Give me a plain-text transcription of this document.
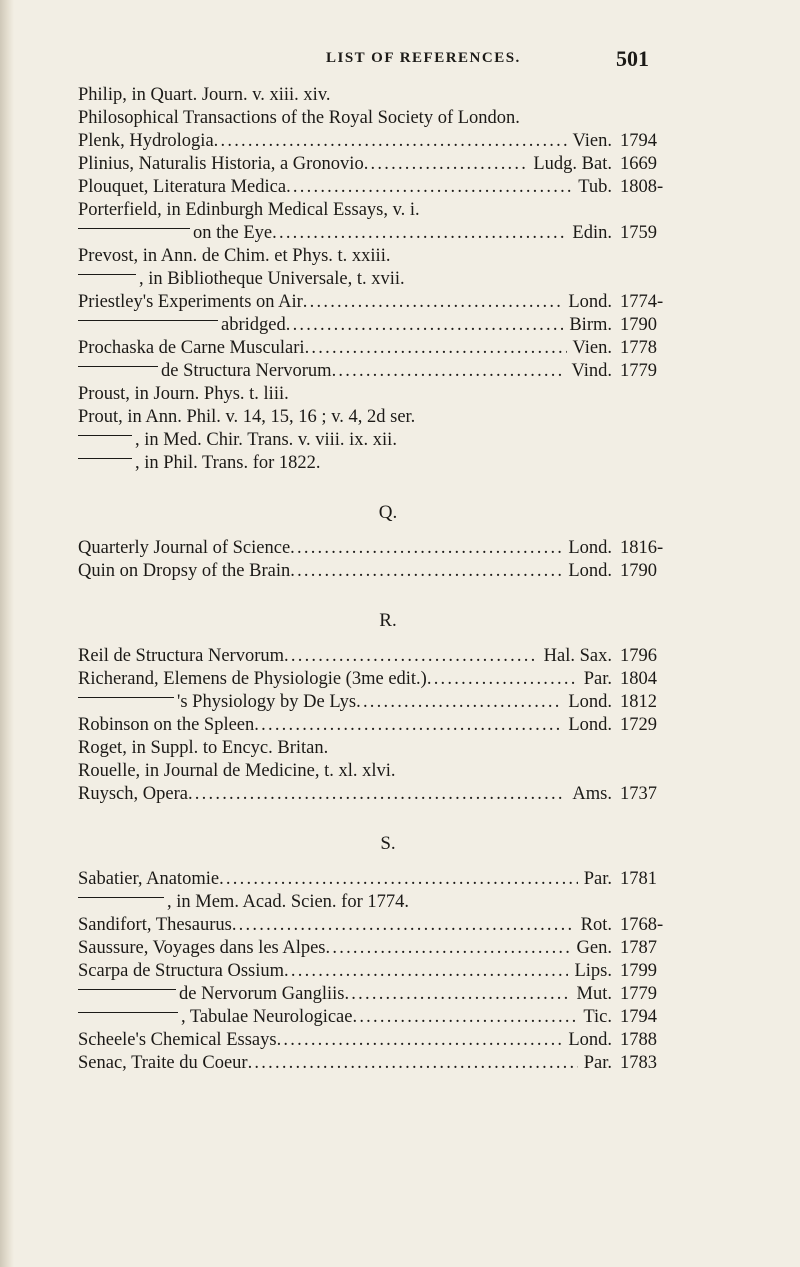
LIST OF REFERENCES.	501
Philip, in Quart. Journ. v. xiii. xiv.
Philosophical Transactions of the Royal Society of London.
Plenk, Hydrologia . . .	Vien. 1794
Plinius, Naturalis Historia, a Gronovio . . .	Ludg. Bat. 1669
Plouquet, Literatura Medica . . .	Tub. 1808-
Porterfield, in Edinburgh Medical Essays, v. i.
on the Eye . . .	Edin. 1759
Prevost, in Ann. de Chim. et Phys. t. xxiii.
, in Bibliotheque Universale, t. xvii.
Priestley's Experiments on Air . . .	Lond. 1774-
abridged . . .	Birm. 1790
Prochaska de Carne Musculari . . .	Vien. 1778
de Structura Nervorum . . .	Vind. 1779
Proust, in Journ. Phys. t. liii.
Prout, in Ann. Phil. v. 14, 15, 16 ; v. 4, 2d ser.
, in Med. Chir. Trans. v. viii. ix. xii.
, in Phil. Trans. for 1822.
Q.
Quarterly Journal of Science . . .	Lond. 1816-
Quin on Dropsy of the Brain . . .	Lond. 1790
R.
Reil de Structura Nervorum . . .	Hal. Sax. 1796
Richerand, Elemens de Physiologie (3me edit.) . . .	Par. 1804
's Physiology by De Lys . . .	Lond. 1812
Robinson on the Spleen . . .	Lond. 1729
Roget, in Suppl. to Encyc. Britan.
Rouelle, in Journal de Medicine, t. xl. xlvi.
Ruysch, Opera . . .	Ams. 1737
S.
Sabatier, Anatomie . . .	Par. 1781
, in Mem. Acad. Scien. for 1774.
Sandifort, Thesaurus . . .	Rot. 1768-
Saussure, Voyages dans les Alpes . . .	Gen. 1787
Scarpa de Structura Ossium . . .	Lips. 1799
de Nervorum Gangliis . . .	Mut. 1779
, Tabulae Neurologicae . . .	Tic. 1794
Scheele's Chemical Essays . . .	Lond. 1788
Senac, Traite du Coeur . . .	Par. 1783
